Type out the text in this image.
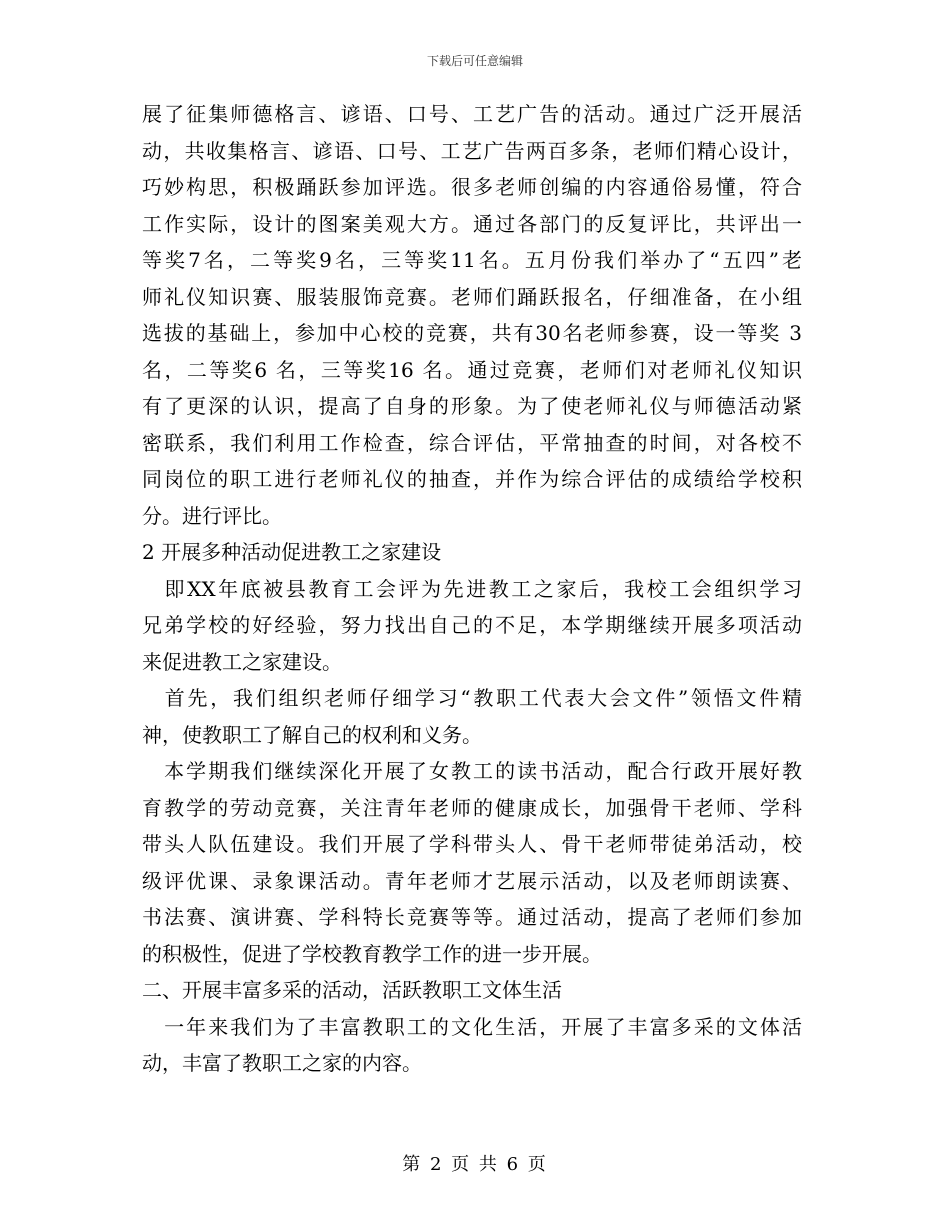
下载后可任意编辑
展了征集师德格言、谚语、口号、工艺广告的活动。通过广泛开展活
动，共收集格言、谚语、口号、工艺广告两百多条，老师们精心设计，
巧妙构思，积极踊跃参加评选。很多老师创编的内容通俗易懂，符合
工作实际，设计的图案美观大方。通过各部门的反复评比，共评出一
等奖7名，二等奖9名，三等奖11名。五月份我们举办了“五四”老
师礼仪知识赛、服装服饰竞赛。老师们踊跃报名，仔细准备，在小组
选拔的基础上，参加中心校的竞赛，共有30名老师参赛，设一等奖 3
名，二等奖6 名，三等奖16 名。通过竞赛，老师们对老师礼仪知识
有了更深的认识，提高了自身的形象。为了使老师礼仪与师德活动紧
密联系，我们利用工作检查，综合评估，平常抽查的时间，对各校不
同岗位的职工进行老师礼仪的抽查，并作为综合评估的成绩给学校积
分。进行评比。
2 开展多种活动促进教工之家建设
　即XX年底被县教育工会评为先进教工之家后，我校工会组织学习
兄弟学校的好经验，努力找出自己的不足，本学期继续开展多项活动
来促进教工之家建设。
　首先，我们组织老师仔细学习“教职工代表大会文件”领悟文件精
神，使教职工了解自己的权利和义务。
　本学期我们继续深化开展了女教工的读书活动，配合行政开展好教
育教学的劳动竞赛，关注青年老师的健康成长，加强骨干老师、学科
带头人队伍建设。我们开展了学科带头人、骨干老师带徒弟活动，校
级评优课、录象课活动。青年老师才艺展示活动，以及老师朗读赛、
书法赛、演讲赛、学科特长竞赛等等。通过活动，提高了老师们参加
的积极性，促进了学校教育教学工作的进一步开展。
二、开展丰富多采的活动，活跃教职工文体生活
　一年来我们为了丰富教职工的文化生活，开展了丰富多采的文体活
动，丰富了教职工之家的内容。
第 2 页 共 6 页
